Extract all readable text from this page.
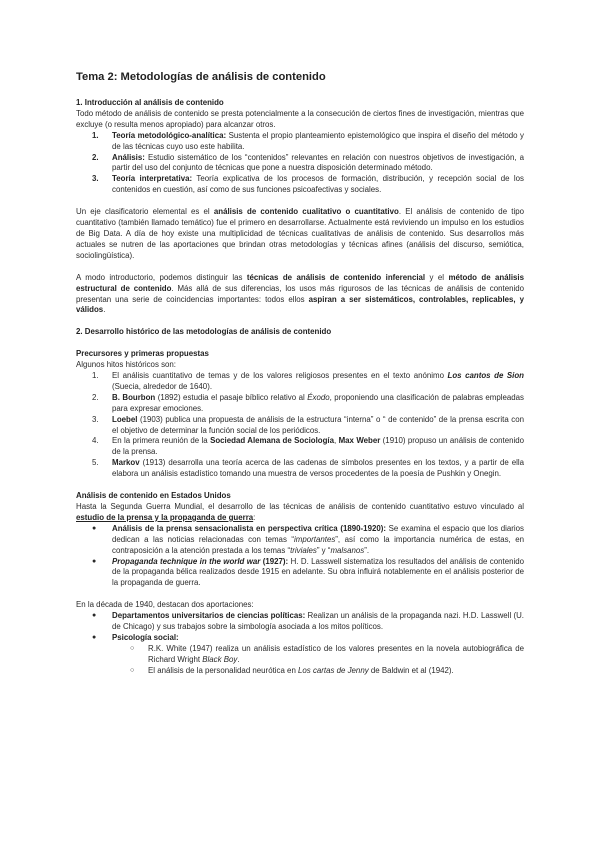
Tema 2: Metodologías de análisis de contenido
1. Introducción al análisis de contenido

Todo método de análisis de contenido se presta potencialmente a la consecución de ciertos fines de investigación, mientras que excluye (o resulta menos apropiado) para alcanzar otros.

1. Teoría metodológico-analítica: Sustenta el propio planteamiento epistemológico que inspira el diseño del método y de las técnicas cuyo uso este habilita.
2. Análisis: Estudio sistemático de los “contenidos” relevantes en relación con nuestros objetivos de investigación, a partir del uso del conjunto de técnicas que pone a nuestra disposición determinado método.
3. Teoría interpretativa: Teoría explicativa de los procesos de formación, distribución, y recepción social de los contenidos en cuestión, así como de sus funciones psicoafectivas y sociales.

Un eje clasificatorio elemental es el análisis de contenido cualitativo o cuantitativo. El análisis de contenido de tipo cuantitativo (también llamado temático) fue el primero en desarrollarse. Actualmente está reviviendo un impulso en los estudios de Big Data. A día de hoy existe una multiplicidad de técnicas cualitativas de análisis de contenido. Sus desarrollos más actuales se nutren de las aportaciones que brindan otras metodologías y técnicas afines (análisis del discurso, semiótica, sociolingüística).

A modo introductorio, podemos distinguir las técnicas de análisis de contenido inferencial y el método de análisis estructural de contenido. Más allá de sus diferencias, los usos más rigurosos de las técnicas de análisis de contenido presentan una serie de coincidencias importantes: todos ellos aspiran a ser sistemáticos, controlables, replicables, y válidos.

2. Desarrollo histórico de las metodologías de análisis de contenido
Precursores y primeras propuestas

Algunos hitos históricos son:

1. El análisis cuantitativo de temas y de los valores religiosos presentes en el texto anónimo Los cantos de Sion (Suecia, alrededor de 1640).
2. B. Bourbon (1892) estudia el pasaje bíblico relativo al Éxodo, proponiendo una clasificación de palabras empleadas para expresar emociones.
3. Loebel (1903) publica una propuesta de análisis de la estructura “interna” o “ de contenido” de la prensa escrita con el objetivo de determinar la función social de los periódicos.
4. En la primera reunión de la Sociedad Alemana de Sociología, Max Weber (1910) propuso un análisis de contenido de la prensa.
5. Markov (1913) desarrolla una teoría acerca de las cadenas de símbolos presentes en los textos, y a partir de ella elabora un análisis estadístico tomando una muestra de versos procedentes de la poesía de Pushkin y Onegin.
Análisis de contenido en Estados Unidos

Hasta la Segunda Guerra Mundial, el desarrollo de las técnicas de análisis de contenido cuantitativo estuvo vinculado al estudio de la prensa y la propaganda de guerra:

● Análisis de la prensa sensacionalista en perspectiva crítica (1890-1920): Se examina el espacio que los diarios dedican a las noticias relacionadas con temas “importantes”, así como la importancia numérica de estas, en contraposición a la atención prestada a los temas “triviales” y “malsanos”.
● Propaganda technique in the world war (1927): H. D. Lasswell sistematiza los resultados del análisis de contenido de la propaganda bélica realizados desde 1915 en adelante. Su obra influirá notablemente en el análisis posterior de la propaganda de guerra.

En la década de 1940, destacan dos aportaciones:

● Departamentos universitarios de ciencias políticas: Realizan un análisis de la propaganda nazi. H.D. Lasswell (U. de Chicago) y sus trabajos sobre la simbología asociada a los mitos políticos.
● Psicología social:
○ R.K. White (1947) realiza un análisis estadístico de los valores presentes en la novela autobiográfica de Richard Wright Black Boy.
○ El análisis de la personalidad neurótica en Los cartas de Jenny de Baldwin et al (1942).
